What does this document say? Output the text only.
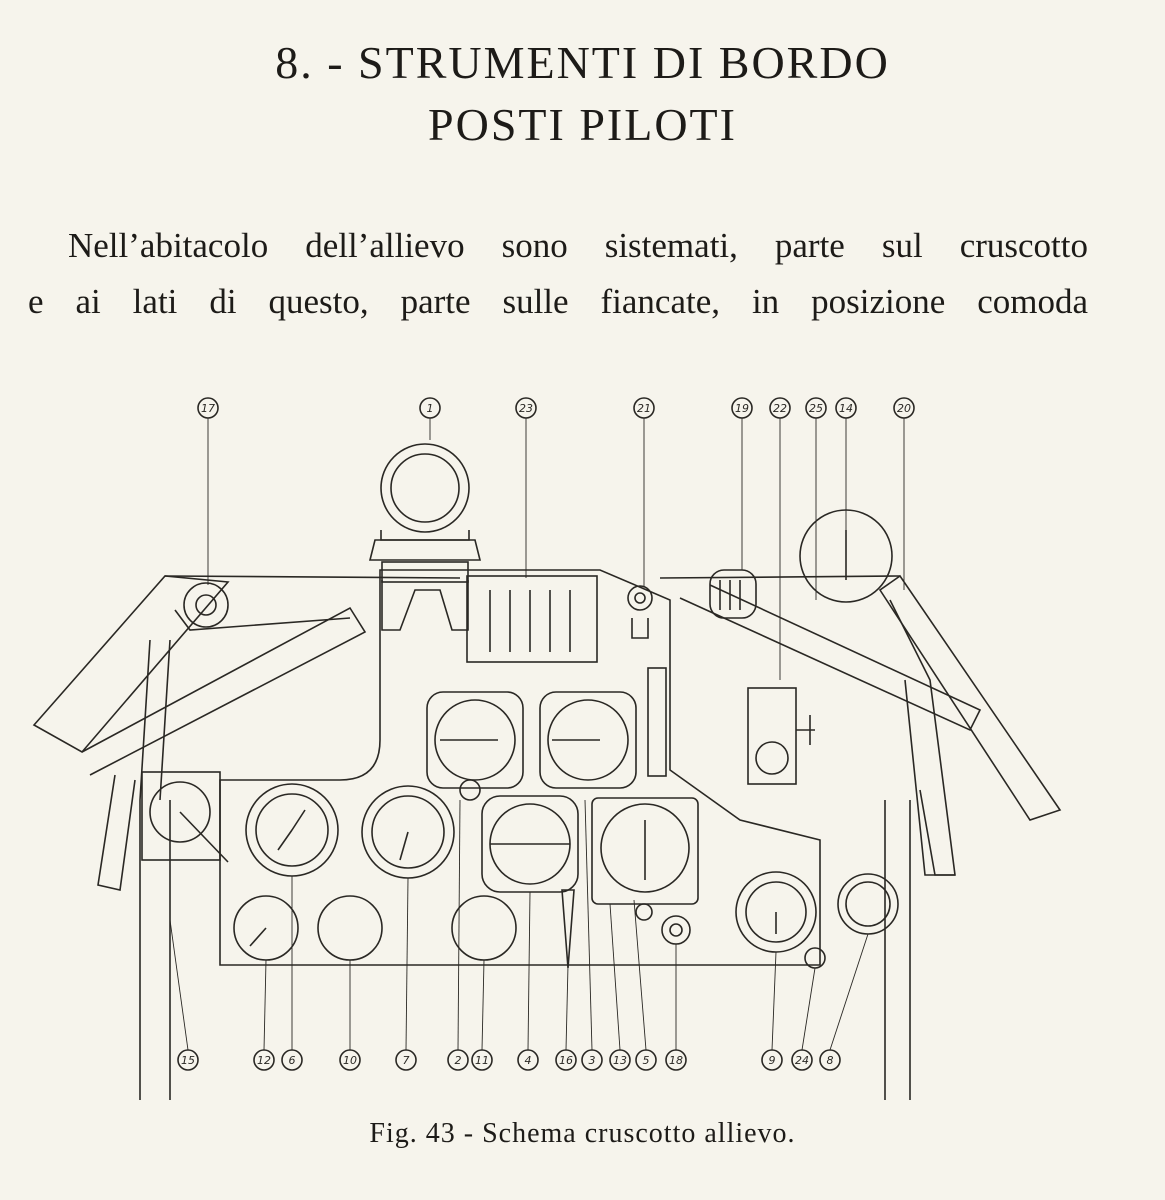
8. - STRUMENTI DI BORDO
POSTI PILOTI

Nell’abitacolo dell’allievo sono sistemati, parte sul cruscotto

e ai lati di questo, parte sulle fiancate, in posizione comoda

17	1	23	21	19 22 25 14	20
15	12 6	10	7	2 11	4	16 3 13 5 18	9 24 8

Fig. 43 - Schema cruscotto allievo.
